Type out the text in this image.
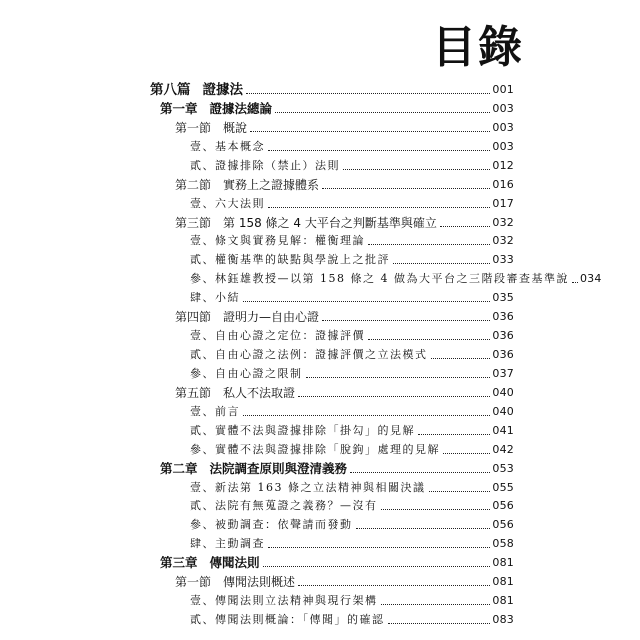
目錄
第八篇 證據法	001
第一章 證據法總論	003
第一節 概說	003
壹、基本概念	003
貳、證據排除（禁止）法則	012
第二節 實務上之證據體系	016
壹、六大法則	017
第三節 第 158 條之 4 大平台之判斷基準與確立	032
壹、條文與實務見解：權衡理論	032
貳、權衡基準的缺點與學說上之批評	033
參、林鈺雄教授—以第 158 條之 4 做為大平台之三階段審查基準說 034
肆、小結	035
第四節 證明力—自由心證	036
壹、自由心證之定位：證據評價	036
貳、自由心證之法例：證據評價之立法模式	036
參、自由心證之限制	037
第五節 私人不法取證	040
壹、前言	040
貳、實體不法與證據排除「掛勾」的見解	041
參、實體不法與證據排除「脫鉤」處理的見解	042
第二章 法院調查原則與澄清義務	053
壹、新法第 163 條之立法精神與相關決議	055
貳、法院有無蒐證之義務？—沒有	056
參、被動調查：依聲請而發動	056
肆、主動調查	058
第三章 傳聞法則	081
第一節 傳聞法則概述	081
壹、傳聞法則立法精神與現行架構	081
貳、傳聞法則概論：「傳聞」的確認	083
